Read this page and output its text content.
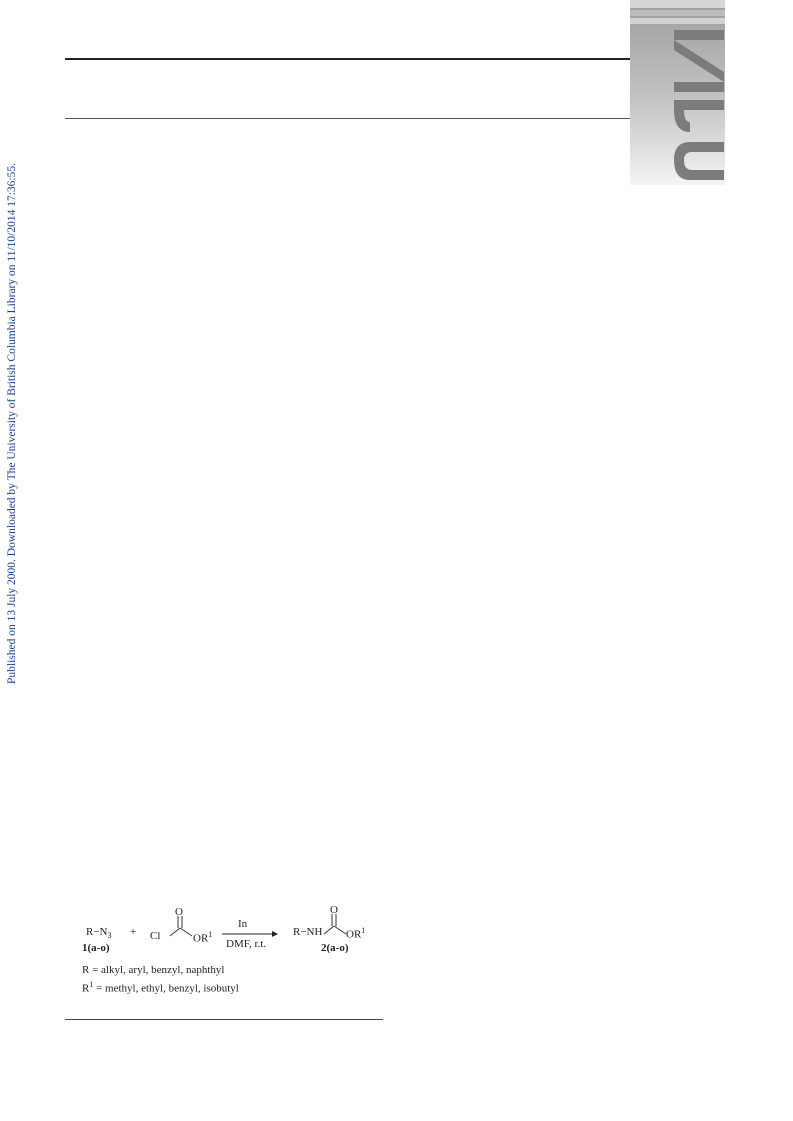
Published on 13 July 2000. Downloaded by The University of British Columbia Library on 11/10/2014 17:36:55.
$R-N_3$
1(a-o)
+
O
Cl	$OR^1$
In
DMF, r.t.
O
R−NH $OR^1$
2(a-o)
R = alkyl, aryl, benzyl, naphthyl
$R^1$ = methyl, ethyl, benzyl, isobutyl
